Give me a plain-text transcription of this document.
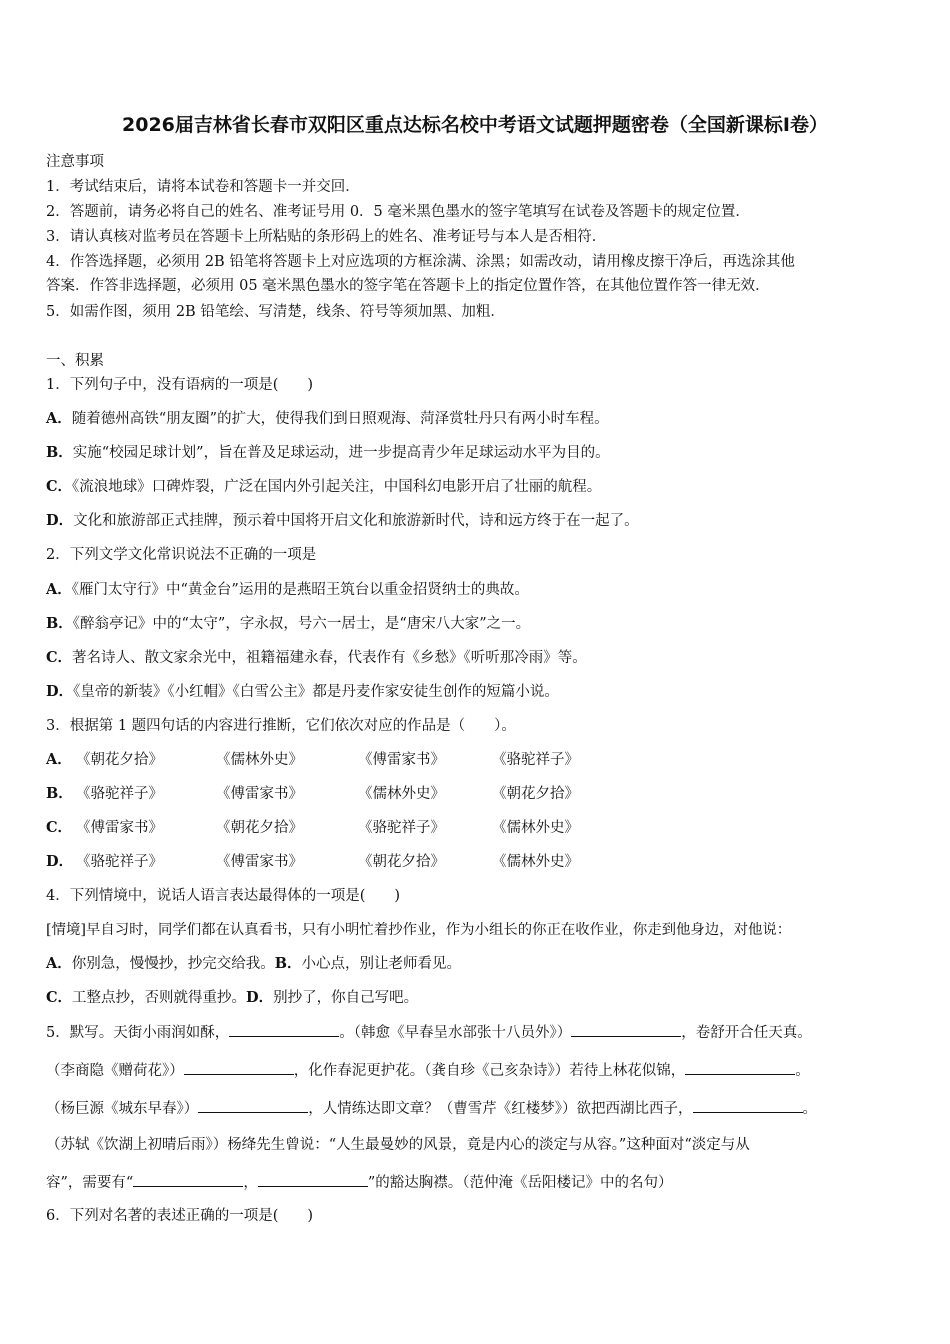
2026届吉林省长春市双阳区重点达标名校中考语文试题押题密卷（全国新课标Ⅰ卷）
注意事项
1．考试结束后，请将本试卷和答题卡一并交回．
2．答题前，请务必将自己的姓名、准考证号用 0．5 毫米黑色墨水的签字笔填写在试卷及答题卡的规定位置．
3．请认真核对监考员在答题卡上所粘贴的条形码上的姓名、准考证号与本人是否相符．
4．作答选择题，必须用 2B 铅笔将答题卡上对应选项的方框涂满、涂黑；如需改动，请用橡皮擦干净后，再选涂其他
答案．作答非选择题，必须用 05 毫米黑色墨水的签字笔在答题卡上的指定位置作答，在其他位置作答一律无效．
5．如需作图，须用 2B 铅笔绘、写清楚，线条、符号等须加黑、加粗．
一、积累
1．下列句子中，没有语病的一项是(　　)
A．随着德州高铁“朋友圈”的扩大，使得我们到日照观海、菏泽赏牡丹只有两小时车程。
B．实施“校园足球计划”，旨在普及足球运动，进一步提高青少年足球运动水平为目的。
C．《流浪地球》口碑炸裂，广泛在国内外引起关注，中国科幻电影开启了壮丽的航程。
D．文化和旅游部正式挂牌，预示着中国将开启文化和旅游新时代，诗和远方终于在一起了。
2．下列文学文化常识说法不正确的一项是
A．《雁门太守行》中“黄金台”运用的是燕昭王筑台以重金招贤纳士的典故。
B．《醉翁亭记》中的“太守”，字永叔，号六一居士，是“唐宋八大家”之一。
C．著名诗人、散文家余光中，祖籍福建永春，代表作有《乡愁》《听听那冷雨》等。
D．《皇帝的新装》《小红帽》《白雪公主》都是丹麦作家安徒生创作的短篇小说。
3．根据第 1 题四句话的内容进行推断，它们依次对应的作品是（　　）。
A． 《朝花夕拾》	《儒林外史》	《傅雷家书》	《骆驼祥子》
B． 《骆驼祥子》	《傅雷家书》	《儒林外史》	《朝花夕拾》
C． 《傅雷家书》	《朝花夕拾》	《骆驼祥子》	《儒林外史》
D． 《骆驼祥子》	《傅雷家书》	《朝花夕拾》	《儒林外史》
4．下列情境中，说话人语言表达最得体的一项是(　　)
[情境]早自习时，同学们都在认真看书，只有小明忙着抄作业，作为小组长的你正在收作业，你走到他身边，对他说：
A．你别急，慢慢抄，抄完交给我。B．小心点，别让老师看见。
C．工整点抄，否则就得重抄。D．别抄了，你自己写吧。
5．默写。天街小雨润如酥，	。（韩愈《早春呈水部张十八员外》）	，卷舒开合任天真。
（李商隐《赠荷花》）	，化作春泥更护花。（龚自珍《己亥杂诗》）若待上林花似锦，	。
（杨巨源《城东早春》）	，人情练达即文章？（曹雪芹《红楼梦》）欲把西湖比西子，	。
（苏轼《饮湖上初晴后雨》）杨绛先生曾说：“人生最曼妙的风景，竟是内心的淡定与从容。”这种面对“淡定与从
容”，需要有“	，	”的豁达胸襟。（范仲淹《岳阳楼记》中的名句）
6．下列对名著的表述正确的一项是(　　)
